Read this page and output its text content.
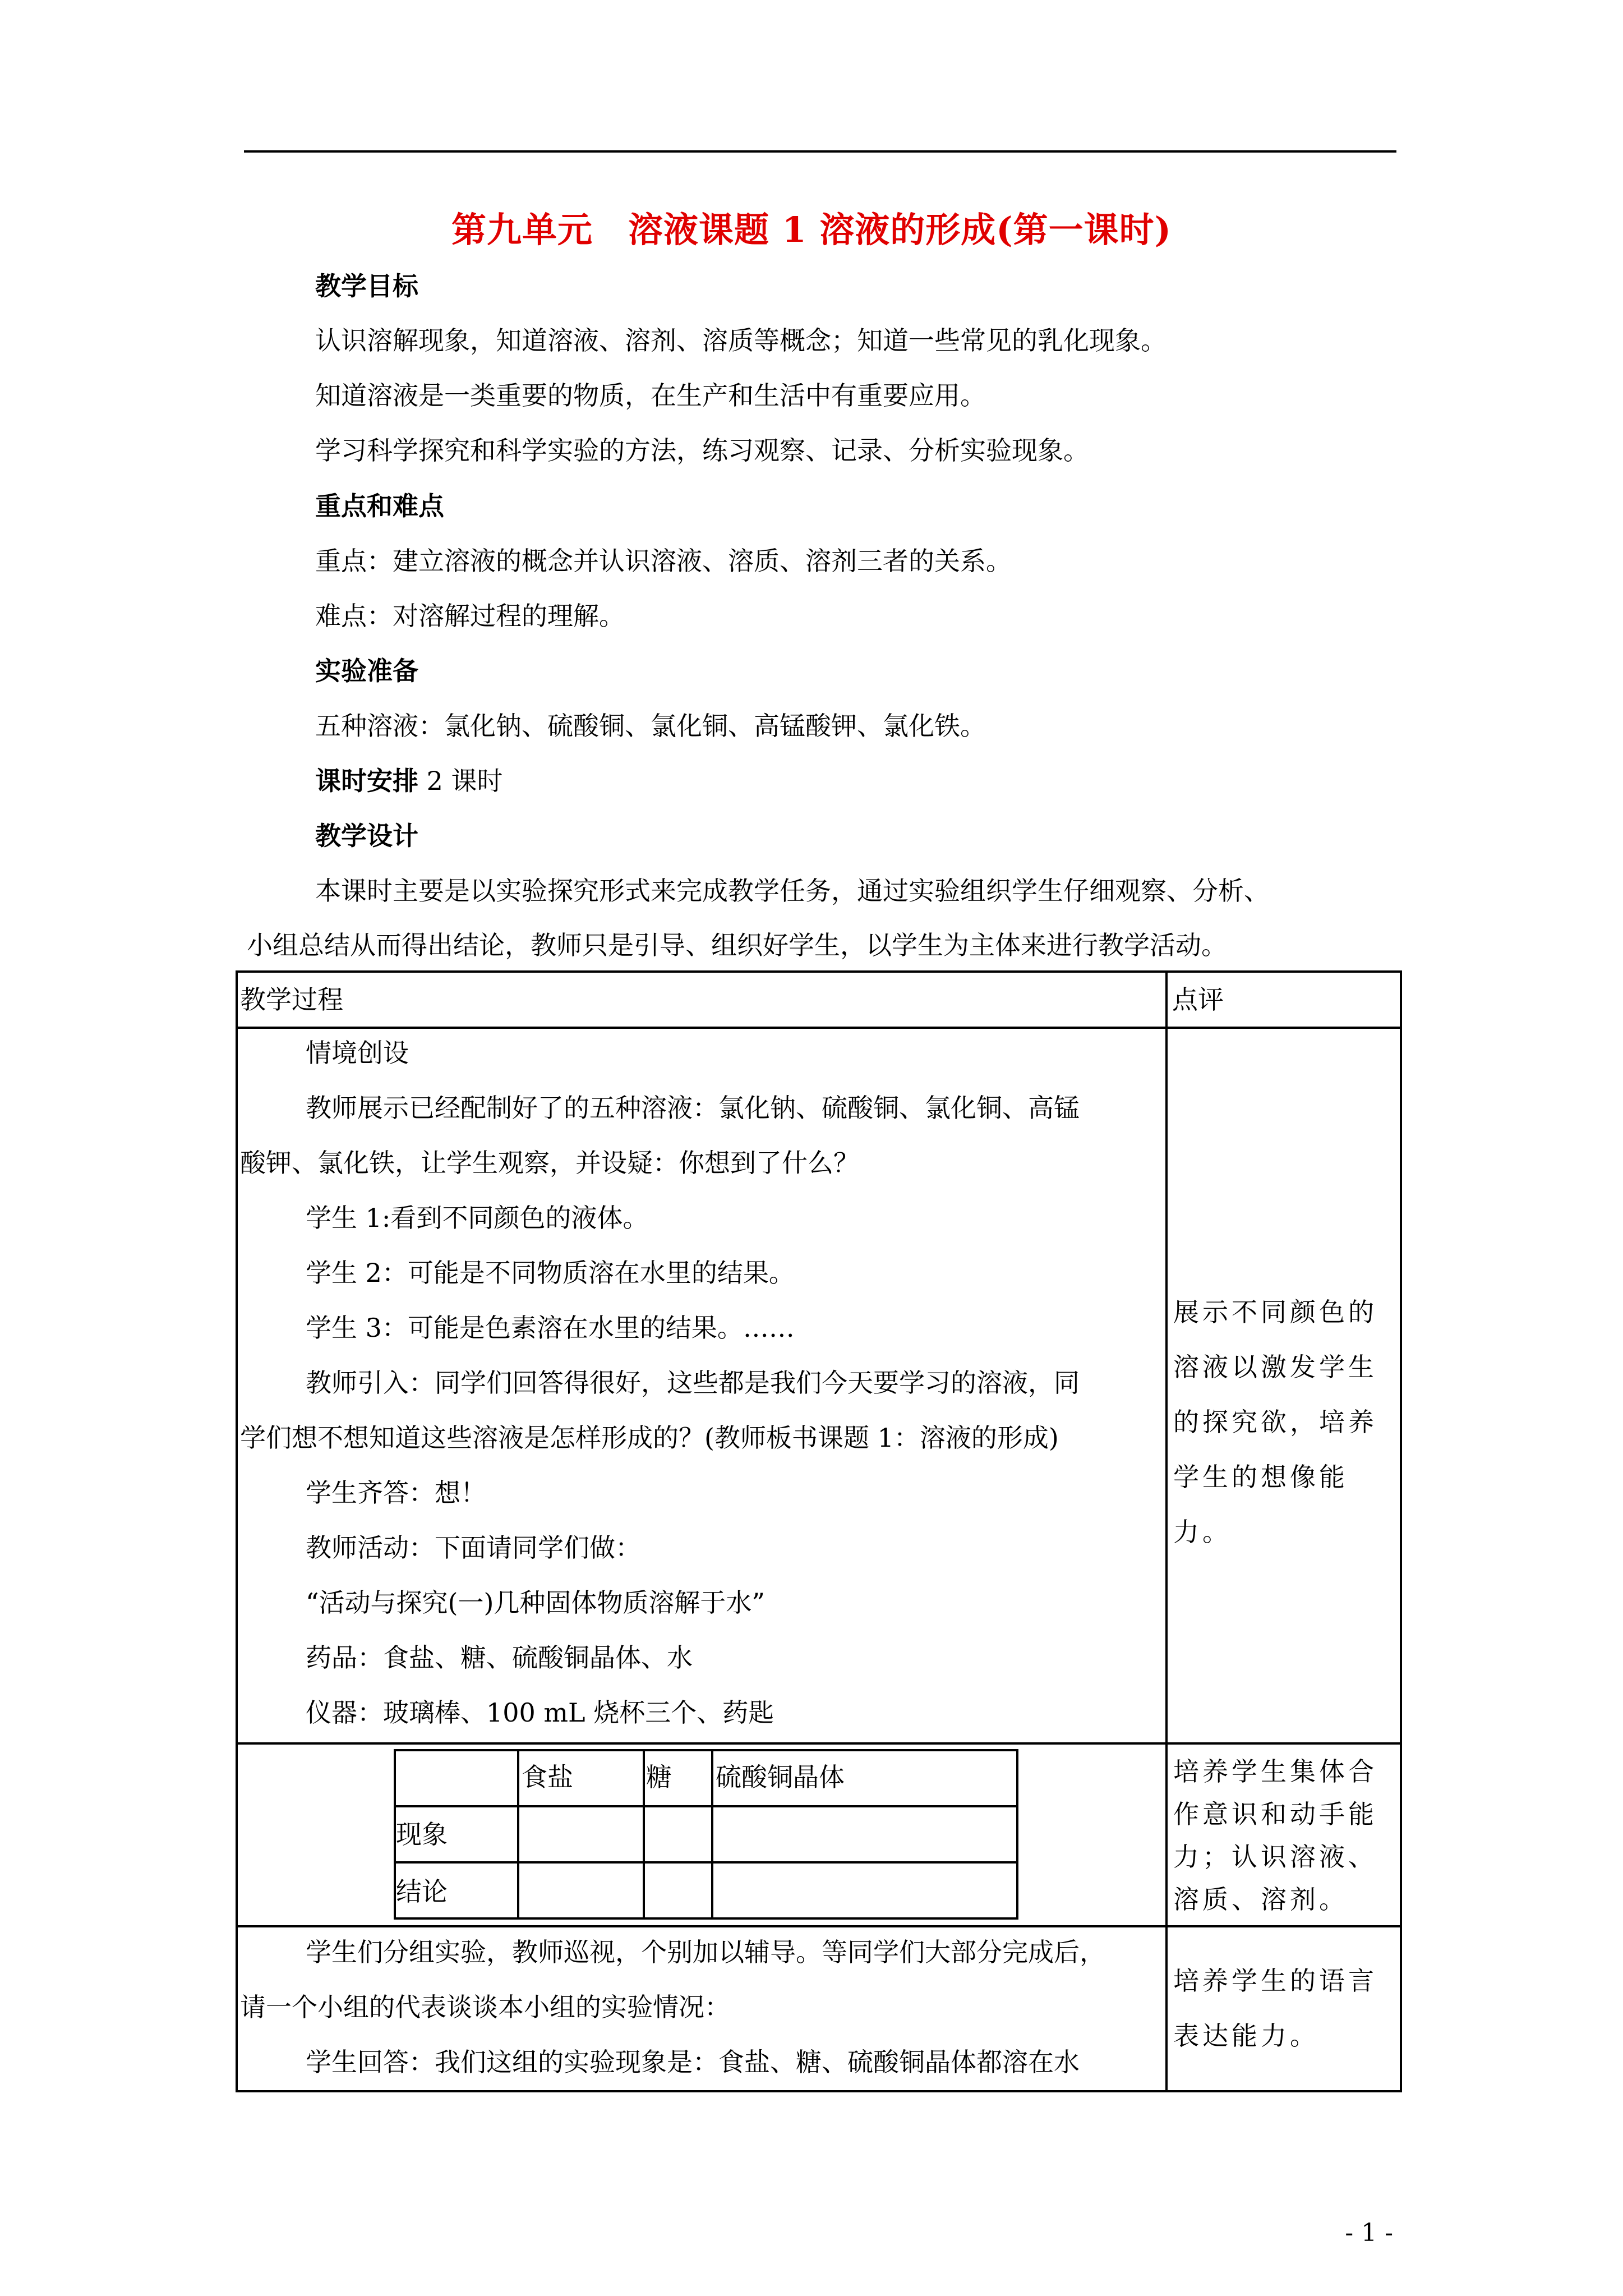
第九单元　溶液课题 1 溶液的形成(第一课时)
教学目标
认识溶解现象，知道溶液、溶剂、溶质等概念；知道一些常见的乳化现象。
知道溶液是一类重要的物质，在生产和生活中有重要应用。
学习科学探究和科学实验的方法，练习观察、记录、分析实验现象。
重点和难点
重点：建立溶液的概念并认识溶液、溶质、溶剂三者的关系。
难点：对溶解过程的理解。
实验准备
五种溶液：氯化钠、硫酸铜、氯化铜、高锰酸钾、氯化铁。
课时安排 2 课时
教学设计
本课时主要是以实验探究形式来完成教学任务，通过实验组织学生仔细观察、分析、
小组总结从而得出结论，教师只是引导、组织好学生，以学生为主体来进行教学活动。
教学过程	点评
情境创设
教师展示已经配制好了的五种溶液：氯化钠、硫酸铜、氯化铜、高锰
酸钾、氯化铁，让学生观察，并设疑：你想到了什么？
学生 1:看到不同颜色的液体。
学生 2：可能是不同物质溶在水里的结果。
学生 3：可能是色素溶在水里的结果。……
教师引入：同学们回答得很好，这些都是我们今天要学习的溶液，同
学们想不想知道这些溶液是怎样形成的？(教师板书课题 1：溶液的形成)
学生齐答：想！
教师活动：下面请同学们做：
“活动与探究(一)几种固体物质溶解于水”
药品：食盐、糖、硫酸铜晶体、水
仪器：玻璃棒、100 mL 烧杯三个、药匙
展示不同颜色的溶液以激发学生的探究欲，培养学生的想像能力。
食盐	糖 硫酸铜晶体
现象
结论
培养学生集体合作意识和动手能力；认识溶液、溶质、溶剂。
学生们分组实验，教师巡视，个别加以辅导。等同学们大部分完成后，
请一个小组的代表谈谈本小组的实验情况：
学生回答：我们这组的实验现象是：食盐、糖、硫酸铜晶体都溶在水
培养学生的语言表达能力。
- 1 -
